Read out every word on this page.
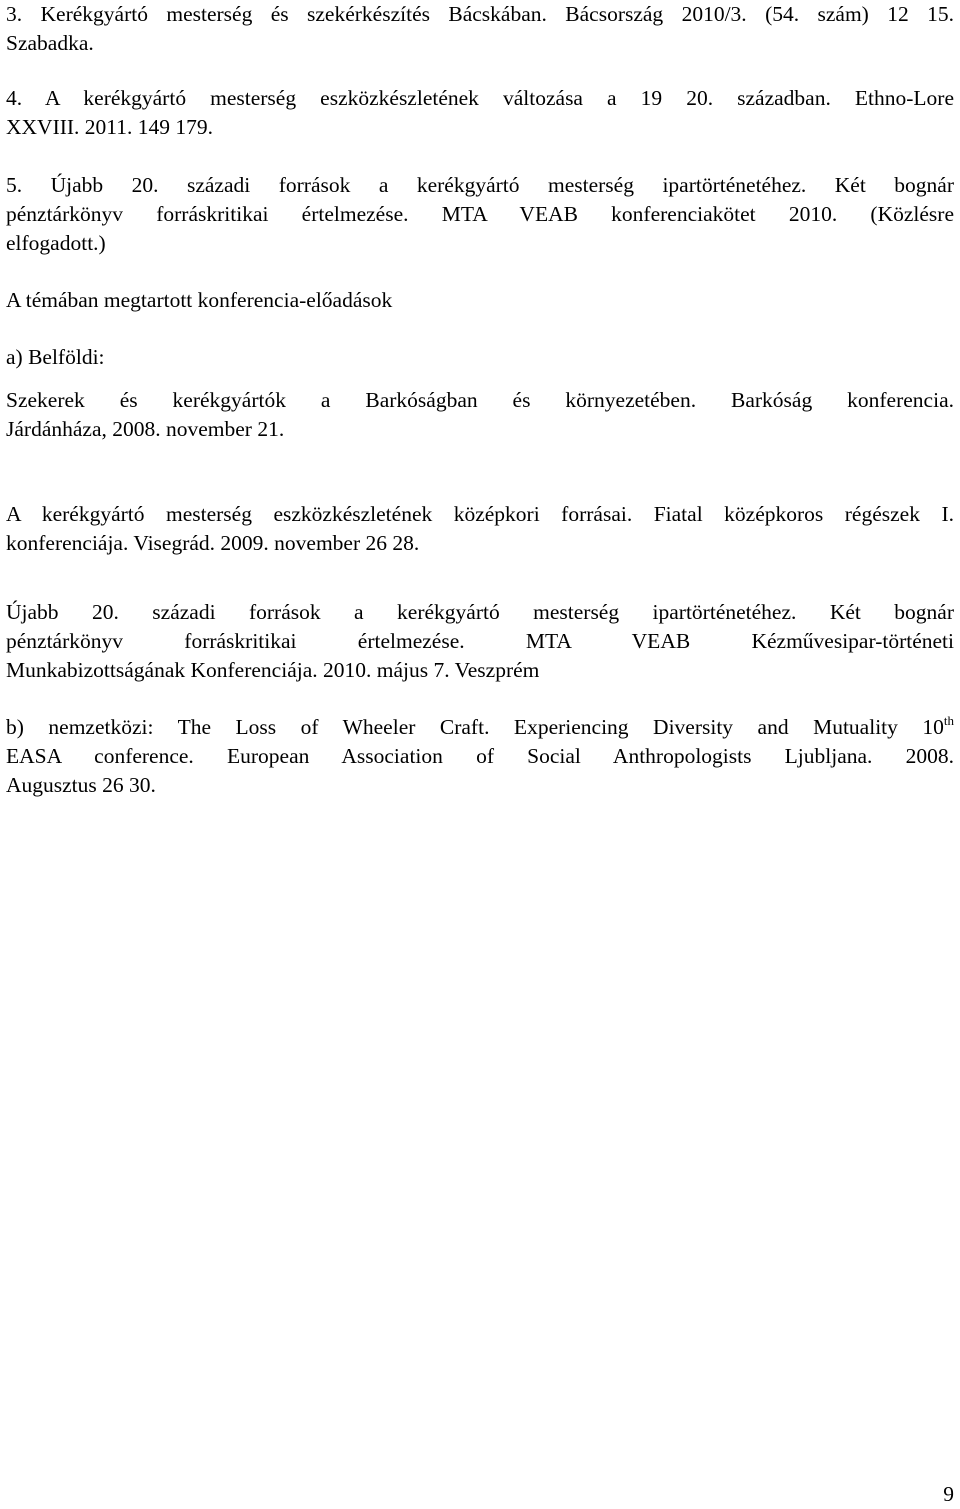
3. Kerékgyártó mesterség és szekérkészítés Bácskában. Bácsország 2010/3. (54. szám) 12 15.
Szabadka.
4. A kerékgyártó mesterség eszközkészletének változása a 19 20. században. Ethno-Lore
XXVIII. 2011. 149 179.
5. Újabb 20. századi források a kerékgyártó mesterség ipartörténetéhez. Két bognár
pénztárkönyv forráskritikai értelmezése. MTA VEAB konferenciakötet 2010. (Közlésre
elfogadott.)
A témában megtartott konferencia-előadások
a) Belföldi:
Szekerek és kerékgyártók a Barkóságban és környezetében. Barkóság konferencia.
Járdánháza, 2008. november 21.
A kerékgyártó mesterség eszközkészletének középkori forrásai. Fiatal középkoros régészek I.
konferenciája. Visegrád. 2009. november 26 28.
Újabb 20. századi források a kerékgyártó mesterség ipartörténetéhez. Két bognár
pénztárkönyv forráskritikai értelmezése. MTA VEAB Kézművesipar-történeti
Munkabizottságának Konferenciája. 2010. május 7. Veszprém
b) nemzetközi: The Loss of Wheeler Craft. Experiencing Diversity and Mutuality 10th
EASA conference. European Association of Social Anthropologists Ljubljana. 2008.
Augusztus 26 30.
9
